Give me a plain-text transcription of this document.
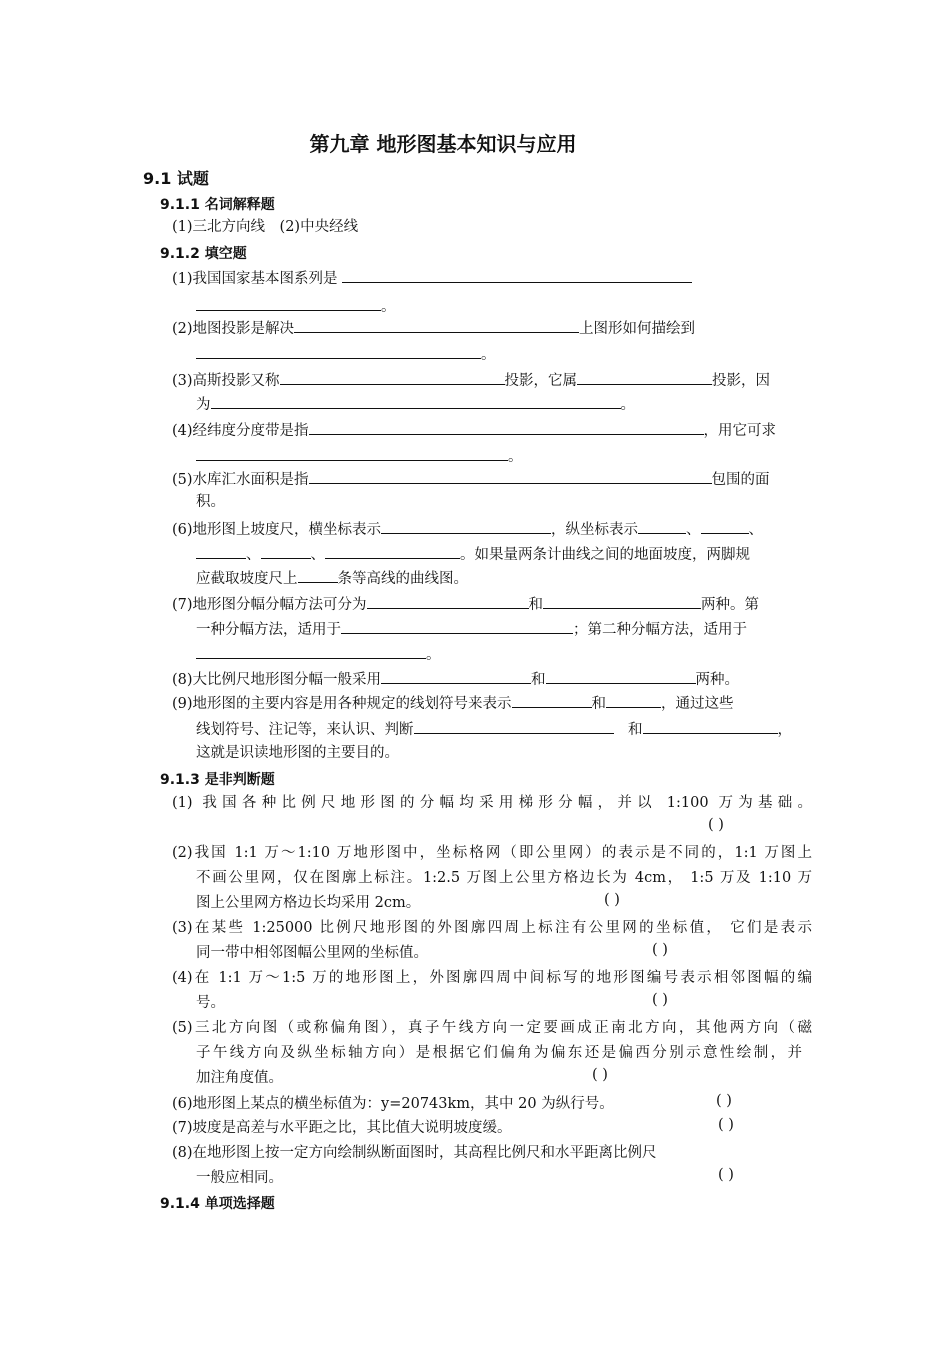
第九章 地形图基本知识与应用
9.1 试题
9.1.1 名词解释题
(1)三北方向线　(2)中央经线
9.1.2 填空题
(1)我国国家基本图系列是
。
(2)地图投影是解决	上图形如何描绘到
。
(3)高斯投影又称	投影，它属	投影，因
为	。
(4)经纬度分度带是指	，用它可求
。
(5)水库汇水面积是指	包围的面
积。
(6)地形图上坡度尺，横坐标表示	，纵坐标表示	、	、
、	、	。如果量两条计曲线之间的地面坡度，两脚规
应截取坡度尺上	条等高线的曲线图。
(7)地形图分幅分幅方法可分为	和	两种。第
一种分幅方法，适用于	；第二种分幅方法，适用于
。
(8)大比例尺地形图分幅一般采用	和	两种。
(9)地形图的主要内容是用各种规定的线划符号来表示	和	，通过这些
线划符号、注记等，来认识、判断　	和	，
这就是识读地形图的主要目的。
9.1.3 是非判断题
(1) 我国各种比例尺地形图的分幅均采用梯形分幅，并以 1:100 万为基础。
( )
(2)我国 1:1 万～1:10 万地形图中，坐标格网（即公里网）的表示是不同的，1:1 万图上
不画公里网，仅在图廓上标注。1:2.5 万图上公里方格边长为 4cm， 1:5 万及 1:10 万
图上公里网方格边长均采用 2cm。	( )
(3)在某些 1:25000 比例尺地形图的外图廓四周上标注有公里网的坐标值， 它们是表示
同一带中相邻图幅公里网的坐标值。	( )
(4)在 1:1 万～1:5 万的地形图上，外图廓四周中间标写的地形图编号表示相邻图幅的编
号。	( )
(5)三北方向图（或称偏角图），真子午线方向一定要画成正南北方向，其他两方向（磁
子午线方向及纵坐标轴方向）是根据它们偏角为偏东还是偏西分别示意性绘制，并
加注角度值。	( )
(6)地形图上某点的横坐标值为：y=20743km，其中 20 为纵行号。	( )
(7)坡度是高差与水平距之比，其比值大说明坡度缓。	( )
(8)在地形图上按一定方向绘制纵断面图时，其高程比例尺和水平距离比例尺
一般应相同。	( )
9.1.4 单项选择题
